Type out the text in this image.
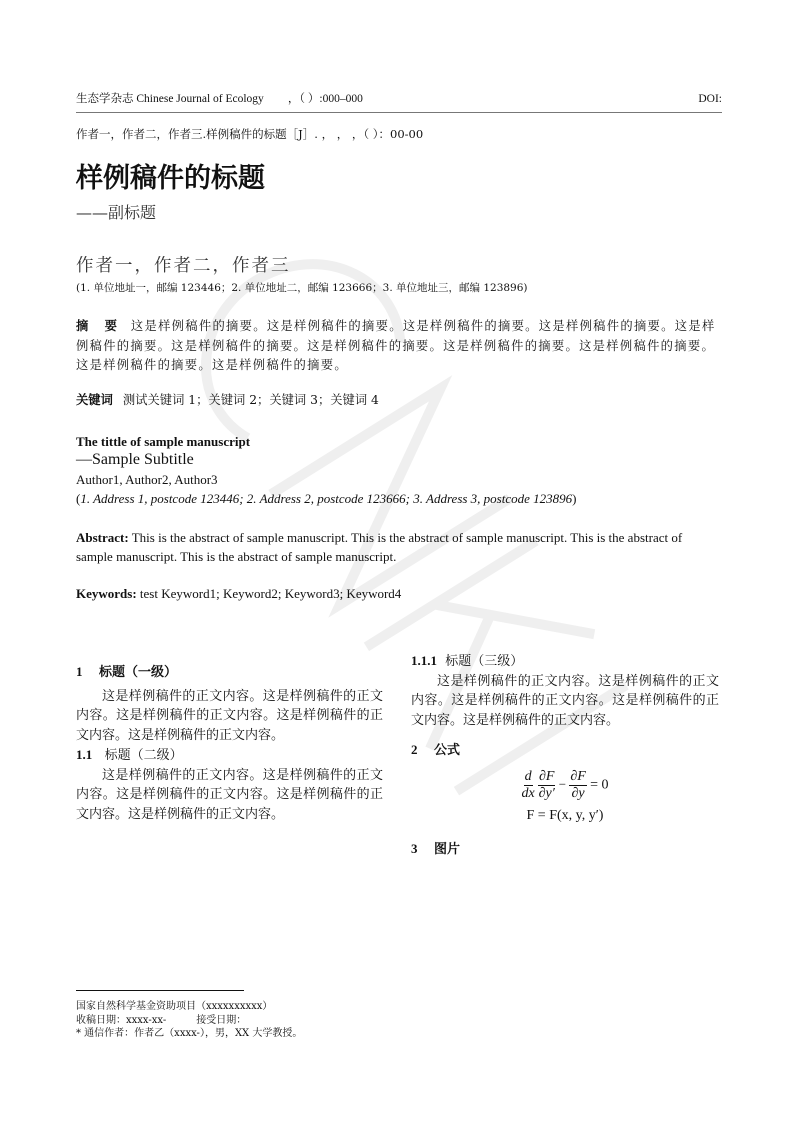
生态学杂志 Chinese Journal of Ecology ，（ ）:000–000	DOI:
作者一，作者二，作者三.样例稿件的标题［J］. ， ， ，（ ）：00-00
样例稿件的标题
——副标题
作者一，作者二，作者三
(1. 单位地址一，邮编 123446；2. 单位地址二，邮编 123666；3. 单位地址三，邮编 123896)
摘 要 这是样例稿件的摘要。这是样例稿件的摘要。这是样例稿件的摘要。这是样例稿件的摘要。这是样例稿件的摘要。这是样例稿件的摘要。这是样例稿件的摘要。这是样例稿件的摘要。这是样例稿件的摘要。这是样例稿件的摘要。这是样例稿件的摘要。
关键词 测试关键词 1；关键词 2；关键词 3；关键词 4
The tittle of sample manuscript
—Sample Subtitle
Author1, Author2, Author3
(1. Address 1, postcode 123446; 2. Address 2, postcode 123666; 3. Address 3, postcode 123896)
Abstract: This is the abstract of sample manuscript. This is the abstract of sample manuscript. This is the abstract of sample manuscript. This is the abstract of sample manuscript.
Keywords: test Keyword1; Keyword2; Keyword3; Keyword4
1 标题（一级）

这是样例稿件的正文内容。这是样例稿件的正文内容。这是样例稿件的正文内容。这是样例稿件的正文内容。这是样例稿件的正文内容。

1.1 标题（二级）

这是样例稿件的正文内容。这是样例稿件的正文内容。这是样例稿件的正文内容。这是样例稿件的正文内容。这是样例稿件的正文内容。

1.1.1 标题（三级）

这是样例稿件的正文内容。这是样例稿件的正文内容。这是样例稿件的正文内容。这是样例稿件的正文内容。这是样例稿件的正文内容。

2 公式
$\frac{d}{dx}$
$\frac{\partial F}{\partial y'} - \frac{\partial F}{\partial y} = 0$
F = F(x, y, y′)
3 图片
国家自然科学基金资助项目（xxxxxxxxxx）
收稿日期：xxxx-xx-　　　接受日期：
* 通信作者：作者乙（xxxx-），男，XX 大学教授。
